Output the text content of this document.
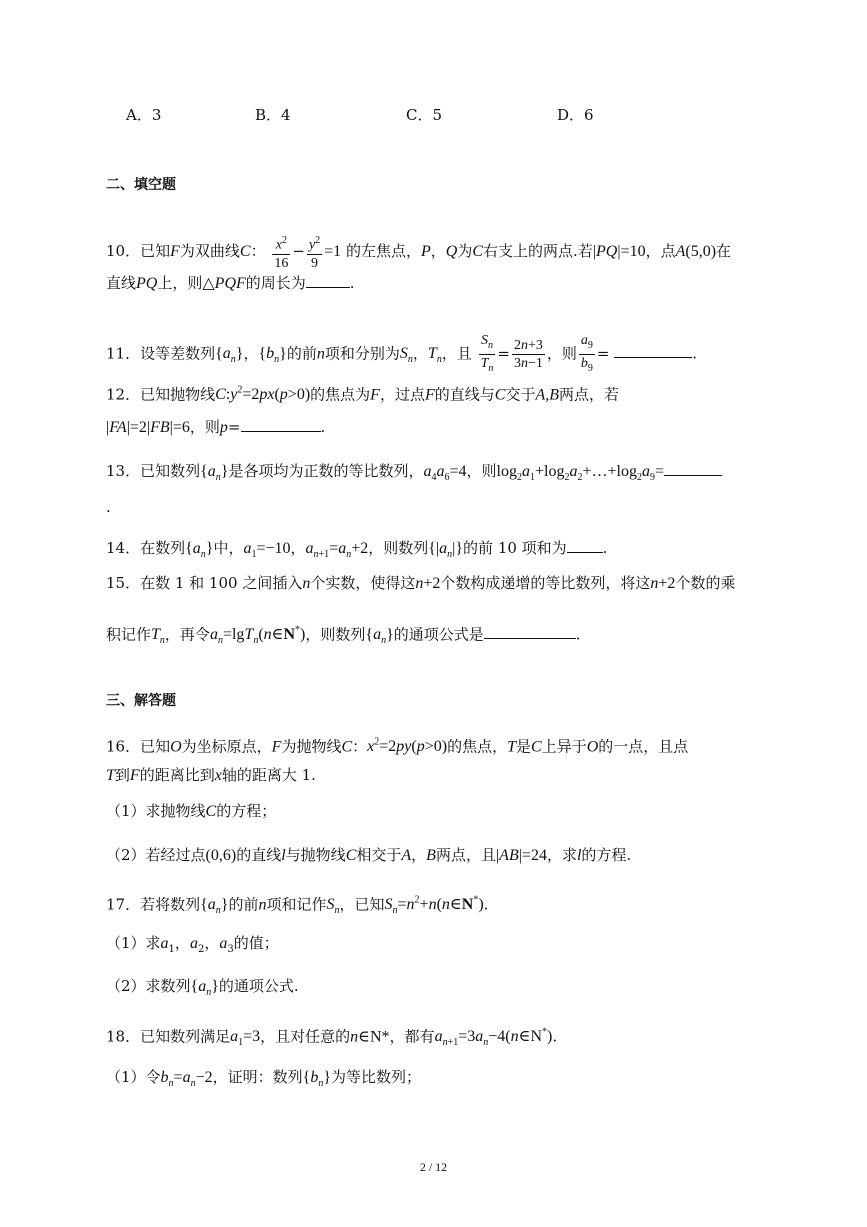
A．3	B．4	C．5	D．6
二、填空题
10．已知F为双曲线C： $\frac{x^2}{16} - \frac{y^2}{9} =1$ 的左焦点，P，Q为C右支上的两点.若|PQ|=10，点A(5,0)在
直线PQ上，则△PQF的周长为	.
11．设等差数列$\{a_n\}$，$\{b_n\}$的前n项和分别为$S_n$，$T_n$，且 $\frac{S_n}{T_n} = \frac{2n+3}{3n-1}$ ，则 $\frac{a_9}{b_9}$ =	.
12．已知抛物线$C:y^2=2px(p>0)$的焦点为F，过点F的直线与C交于A,B两点，若
|FA|=2|FB|=6，则p=	.
13．已知数列$\{a_n\}$是各项均为正数的等比数列，$a_4a_6=4$，则$\log_2a_1+\log_2a_2+\dots+\log_2a_9=$
.
14．在数列$\{a_n\}$中，$a_1=-10$，$a_{n+1}=a_n+2$，则数列$\{|a_n|\}$的前 10 项和为 .
15．在数 1 和 100 之间插入n个实数，使得这n+2个数构成递增的等比数列，将这n+2个数的乘
积记作$T_n$，再令$a_n=\lg T_n(n\in N^*)$，则数列$\{a_n\}$的通项公式是	.
三、解答题
16．已知O为坐标原点，F为抛物线C：$x^2=2py(p>0)$的焦点，T是C上异于O的一点，且点
T到F的距离比到x轴的距离大 1.
（1）求抛物线C的方程；
（2）若经过点(0,6)的直线l与抛物线C相交于A，B两点，且|AB|=24，求l的方程.
17．若将数列$\{a_n\}$的前n项和记作$S_n$，已知$S_n=n^2+n(n\in N^*)$.
（1）求$a_1$，$a_2$，$a_3$的值；
（2）求数列$\{a_n\}$的通项公式.
18．已知数列满足$a_1=3$，且对任意的n∈N*，都有$a_{n+1}=3a_n-4(n\in N^*)$.
（1）令$b_n=a_n-2$，证明：数列$\{b_n\}$为等比数列；
2 / 12
